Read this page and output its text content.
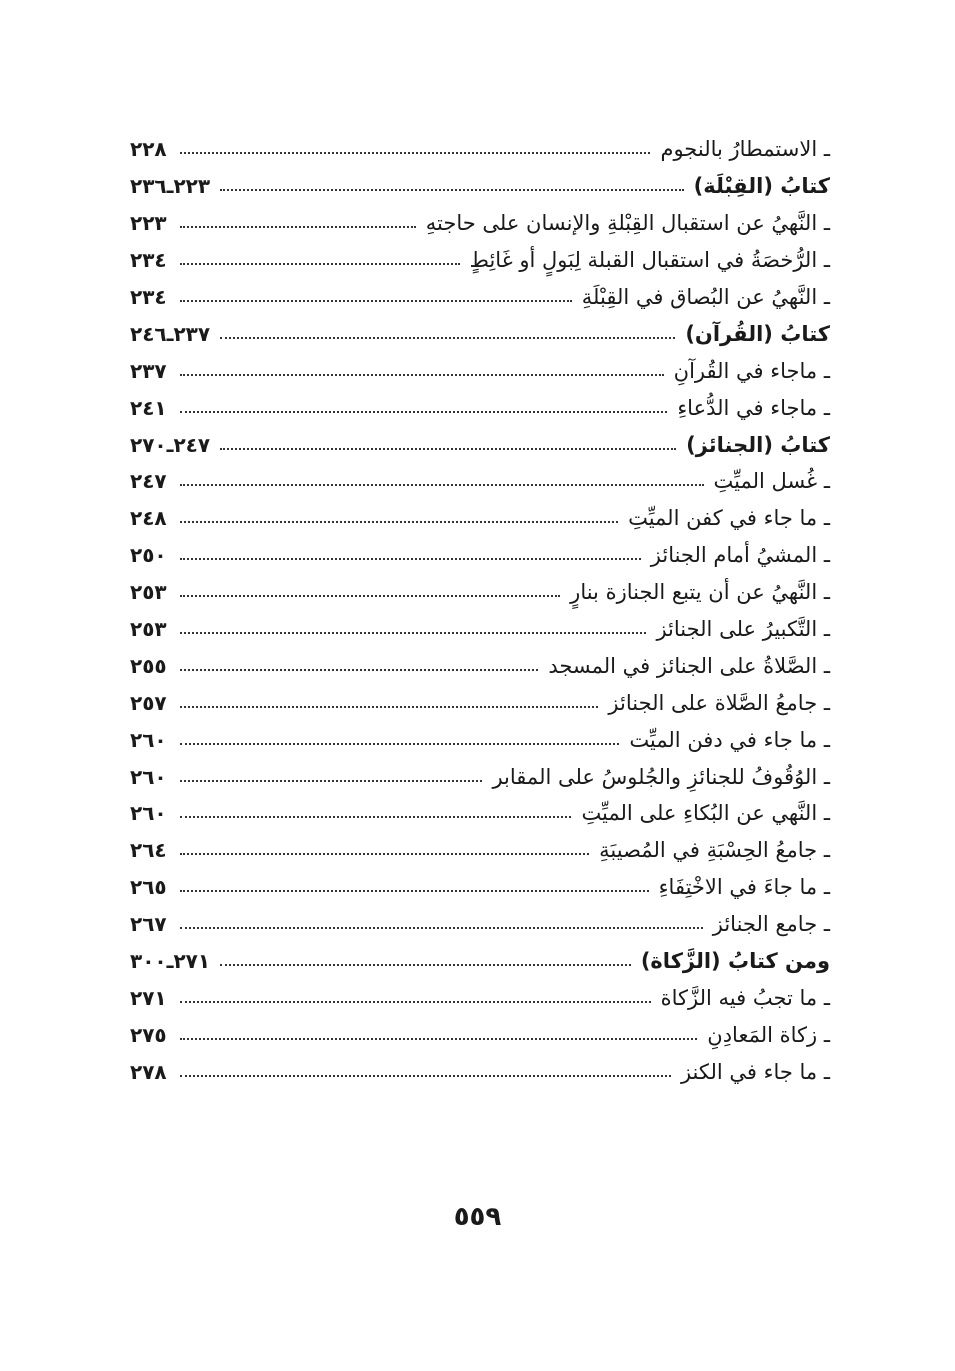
ـ الاستمطارُ بالنجوم
٢٢٨
كتابُ (القِبْلَة)
٢٢٣ـ٢٣٦
ـ النَّهيُ عن استقبال القِبْلةِ والإنسان على حاجتهِ
٢٢٣
ـ الرُّخصَةُ في استقبال القبلة لِبَولٍ أو غَائِطٍ
٢٣٤
ـ النَّهيُ عن البُصاق في القِبْلَةِ
٢٣٤
كتابُ (القُرآن)
٢٣٧ـ٢٤٦
ـ ماجاء في القُرآنِ
٢٣٧
ـ ماجاء في الدُّعاءِ
٢٤١
كتابُ (الجنائز)
٢٤٧ـ٢٧٠
ـ غُسل الميِّتِ
٢٤٧
ـ ما جاء في كفن الميِّتِ
٢٤٨
ـ المشيُ أمام الجنائز
٢٥٠
ـ النَّهيُ عن أن يتبع الجنازة بنارٍ
٢٥٣
ـ التَّكبيرُ على الجنائز
٢٥٣
ـ الصَّلاةُ على الجنائز في المسجد
٢٥٥
ـ جامعُ الصَّلاة على الجنائز
٢٥٧
ـ ما جاء في دفن الميِّت
٢٦٠
ـ الوُقُوفُ للجنائزِ والجُلوسُ على المقابر
٢٦٠
ـ النَّهي عن البُكاءِ على الميِّتِ
٢٦٠
ـ جامعُ الحِسْبَةِ في المُصيبَةِ
٢٦٤
ـ ما جاءَ في الاخْتِفَاءِ
٢٦٥
ـ جامع الجنائز
٢٦٧
ومن كتابُ (الزَّكاة)
٢٧١ـ٣٠٠
ـ ما تجبُ فيه الزَّكاة
٢٧١
ـ زكاة المَعادِنِ
٢٧٥
ـ ما جاء في الكنز
٢٧٨
٥٥٩
